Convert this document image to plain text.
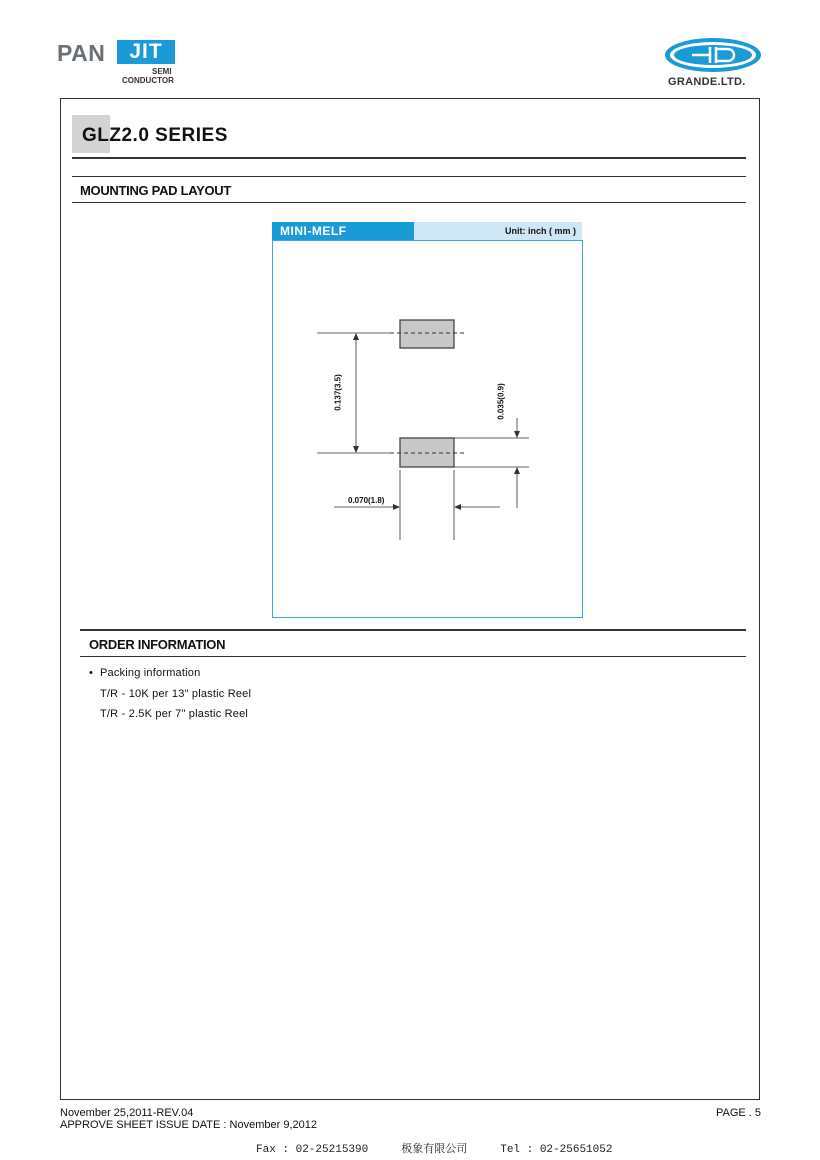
PAN	JIT
SEMI
CONDUCTOR	GRANDE.LTD.
GLZ2.0 SERIES
MOUNTING PAD LAYOUT
MINI-MELF	Unit: inch ( mm )
0.137(3.5)	0.035(0.9)
0.070(1.8)
ORDER INFORMATION
• Packing information
T/R - 10K per 13" plastic Reel
T/R - 2.5K per 7" plastic Reel
November 25,2011-REV.04
APPROVE SHEET ISSUE DATE : November 9,2012
PAGE . 5
Fax : 02-25215390     极象有限公司     Tel : 02-25651052
